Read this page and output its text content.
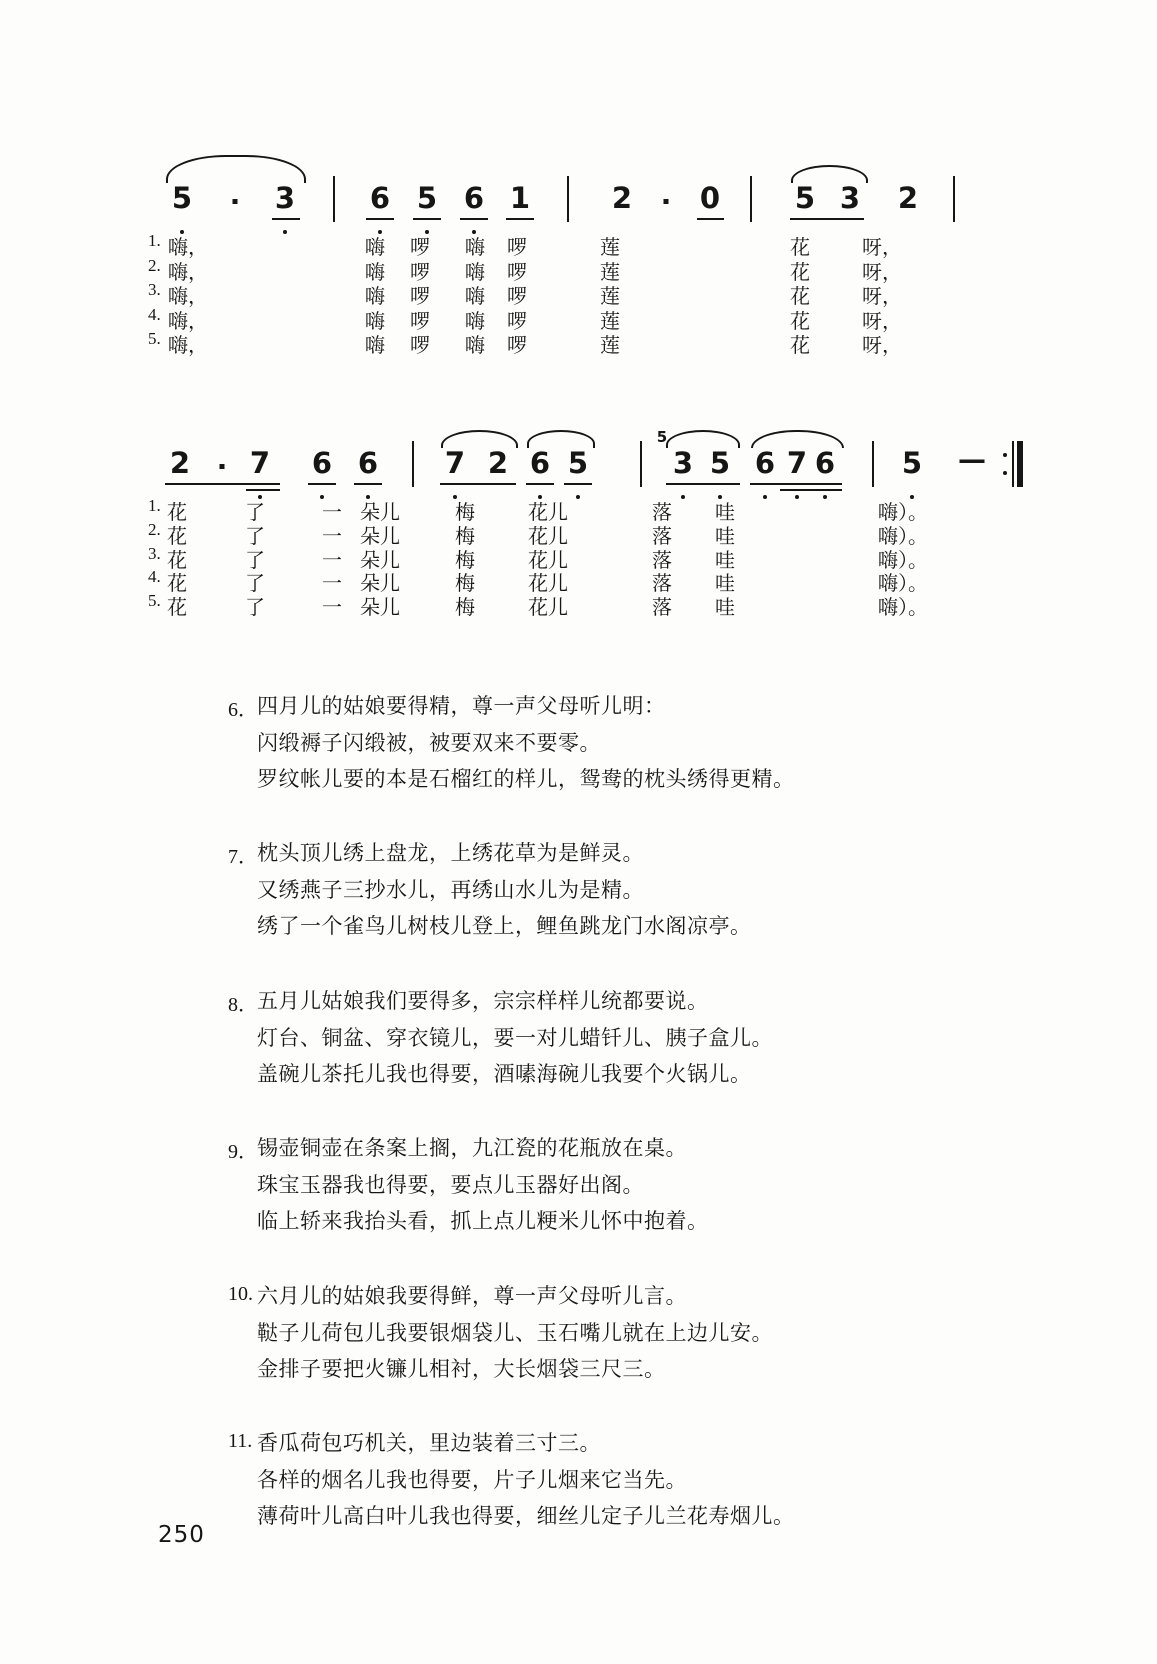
5	3	6 5 6 1	2 0	5 3 2
1. 嗨，	嗨 啰 嗨 啰	莲	花	呀，
2. 嗨，	嗨 啰 嗨 啰	莲	花	呀，
3. 嗨，	嗨 啰 嗨 啰	莲	花	呀，
4. 嗨，	嗨 啰 嗨 啰	莲	花	呀，
5. 嗨，	嗨 啰 嗨 啰	莲	花	呀，
2 7 6 6 7 2 6 5	3 5 6 7 6 5 —
5
1. 花	了	一 朵儿	梅	花儿	落 哇	嗨）。
2. 花	了	一 朵儿	梅	花儿	落 哇	嗨）。
3. 花	了	一 朵儿	梅	花儿	落 哇	嗨）。
4. 花	了	一 朵儿	梅	花儿	落 哇	嗨）。
5. 花	了	一 朵儿	梅	花儿	落 哇	嗨）。
6． 四月儿的姑娘要得精，尊一声父母听儿明：
闪缎褥子闪缎被，被要双来不要零。
罗纹帐儿要的本是石榴红的样儿，鸳鸯的枕头绣得更精。
7． 枕头顶儿绣上盘龙，上绣花草为是鲜灵。
又绣燕子三抄水儿，再绣山水儿为是精。
绣了一个雀鸟儿树枝儿登上，鲤鱼跳龙门水阁凉亭。
8． 五月儿姑娘我们要得多，宗宗样样儿统都要说。
灯台、铜盆、穿衣镜儿，要一对儿蜡钎儿、胰子盒儿。
盖碗儿茶托儿我也得要，酒嗉海碗儿我要个火锅儿。
9． 锡壶铜壶在条案上搁，九江瓷的花瓶放在桌。
珠宝玉器我也得要，要点儿玉器好出阁。
临上轿来我抬头看，抓上点儿粳米儿怀中抱着。
10. 六月儿的姑娘我要得鲜，尊一声父母听儿言。
鞑子儿荷包儿我要银烟袋儿、玉石嘴儿就在上边儿安。
金排子要把火镰儿相衬，大长烟袋三尺三。
11. 香瓜荷包巧机关，里边装着三寸三。
各样的烟名儿我也得要，片子儿烟来它当先。
薄荷叶儿高白叶儿我也得要，细丝儿定子儿兰花寿烟儿。
250
